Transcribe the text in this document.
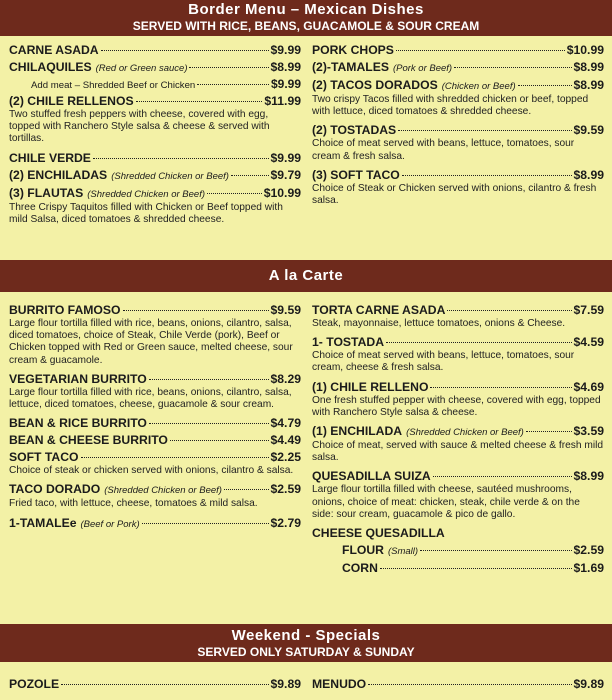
Border Menu – Mexican Dishes
SERVED WITH RICE, BEANS, GUACAMOLE & SOUR CREAM
CARNE ASADA	$9.99
CHILAQUILES (Red or Green sauce)	$8.99
Add meat – Shredded Beef or Chicken	$9.99
(2) CHILE RELLENOS	$11.99
Two stuffed fresh peppers with cheese, covered with egg, topped with Ranchero Style salsa & cheese & served with tortillas.
CHILE VERDE	$9.99
(2) ENCHILADAS (Shredded Chicken or Beef)	$9.79
(3) FLAUTAS (Shredded Chicken or Beef)	$10.99
Three Crispy Taquitos filled with Chicken or Beef topped with mild Salsa, diced tomatoes & shredded cheese.
PORK CHOPS	$10.99
(2)-TAMALES (Pork or Beef)	$8.99
(2) TACOS DORADOS (Chicken or Beef)	$8.99
Two crispy Tacos filled with shredded chicken or beef, topped with lettuce, diced tomatoes & shredded cheese.
(2) TOSTADAS	$9.59
Choice of meat served with beans, lettuce, tomatoes, sour cream & fresh salsa.
(3) SOFT TACO	$8.99
Choice of Steak or Chicken served with onions, cilantro & fresh salsa.
A la Carte
BURRITO FAMOSO	$9.59
Large flour tortilla filled with rice, beans, onions, cilantro, salsa, diced tomatoes, choice of Steak, Chile Verde (pork), Beef or Chicken topped with Red or Green sauce, melted cheese, sour cream & guacamole.
VEGETARIAN BURRITO	$8.29
Large flour tortilla filled with rice, beans, onions, cilantro, salsa, lettuce, diced tomatoes, cheese, guacamole & sour cream.
BEAN & RICE BURRITO	$4.79
BEAN & CHEESE BURRITO	$4.49
SOFT TACO	$2.25
Choice of steak or chicken served with onions, cilantro & salsa.
TACO DORADO (Shredded Chicken or Beef)	$2.59
Fried taco, with lettuce, cheese, tomatoes & mild salsa.
1-TAMALEe (Beef or Pork)	$2.79
TORTA CARNE ASADA	$7.59
Steak, mayonnaise, lettuce tomatoes, onions & Cheese.
1- TOSTADA	$4.59
Choice of meat served with beans, lettuce, tomatoes, sour cream, cheese & fresh salsa.
(1) CHILE RELLENO	$4.69
One fresh stuffed pepper with cheese, covered with egg, topped with Ranchero Style salsa & cheese.
(1) ENCHILADA (Shredded Chicken or Beef)	$3.59
Choice of meat, served with sauce & melted cheese & fresh mild salsa.
QUESADILLA SUIZA	$8.99
Large flour tortilla filled with cheese, sautéed mushrooms, onions, choice of meat: chicken, steak, chile verde & on the side: sour cream, guacamole & pico de gallo.
CHEESE QUESADILLA
FLOUR (Small)	$2.59
CORN	$1.69
Weekend - Specials
SERVED ONLY SATURDAY & SUNDAY
POZOLE	$9.89 MENUDO	$9.89
